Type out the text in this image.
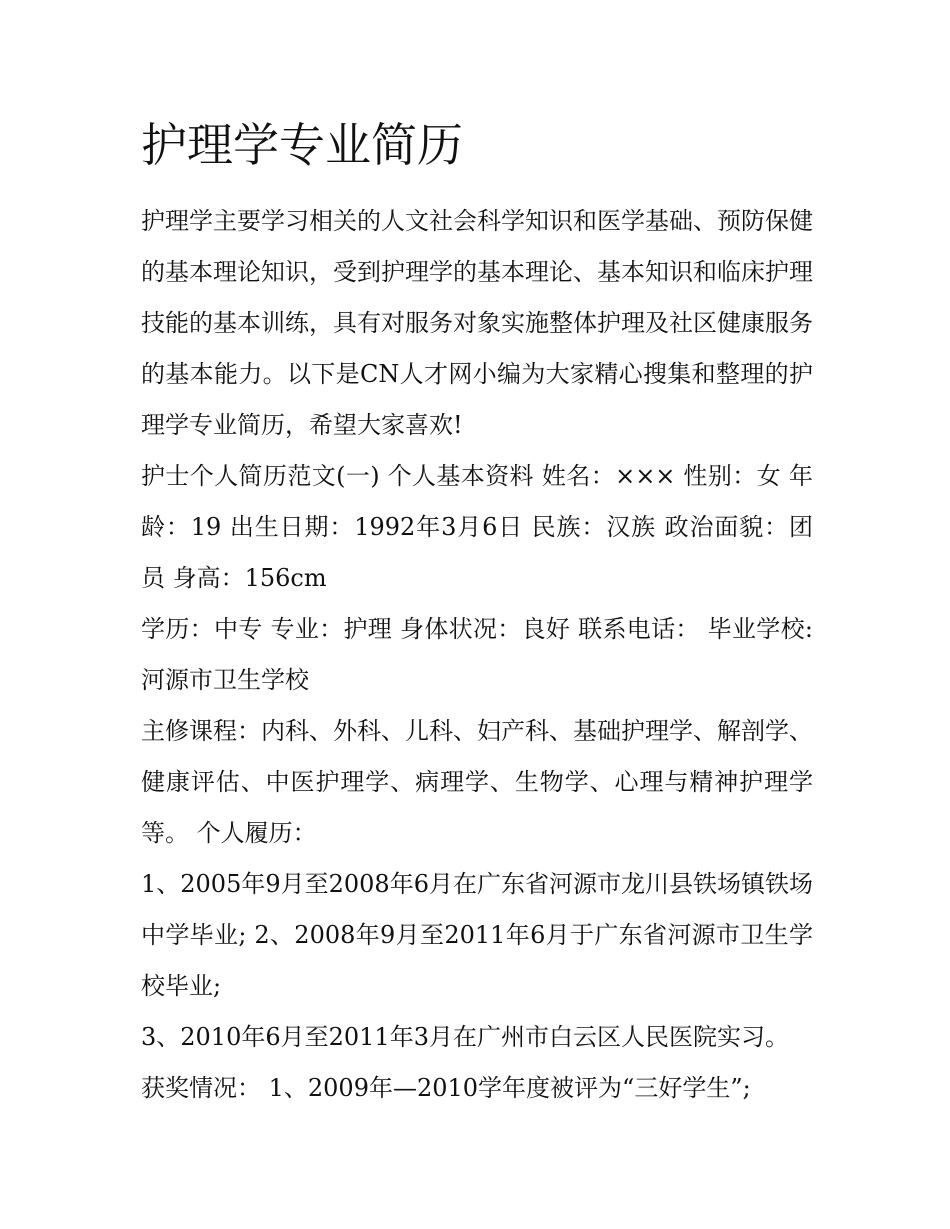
护理学专业简历

护理学主要学习相关的人文社会科学知识和医学基础、预防保健的基本理论知识，受到护理学的基本理论、基本知识和临床护理技能的基本训练，具有对服务对象实施整体护理及社区健康服务的基本能力。以下是CN人才网小编为大家精心搜集和整理的护理学专业简历，希望大家喜欢!

护士个人简历范文(一) 个人基本资料 姓名：××× 性别：女 年龄：19 出生日期：1992年3月6日 民族：汉族 政治面貌：团员 身高：156cm

学历：中专 专业：护理 身体状况：良好 联系电话： 毕业学校:河源市卫生学校

主修课程：内科、外科、儿科、妇产科、基础护理学、解剖学、健康评估、中医护理学、病理学、生物学、心理与精神护理学等。 个人履历：

1、2005年9月至2008年6月在广东省河源市龙川县铁场镇铁场中学毕业; 2、2008年9月至2011年6月于广东省河源市卫生学校毕业;

3、2010年6月至2011年3月在广州市白云区人民医院实习。

获奖情况： 1、2009年—2010学年度被评为“三好学生”;
